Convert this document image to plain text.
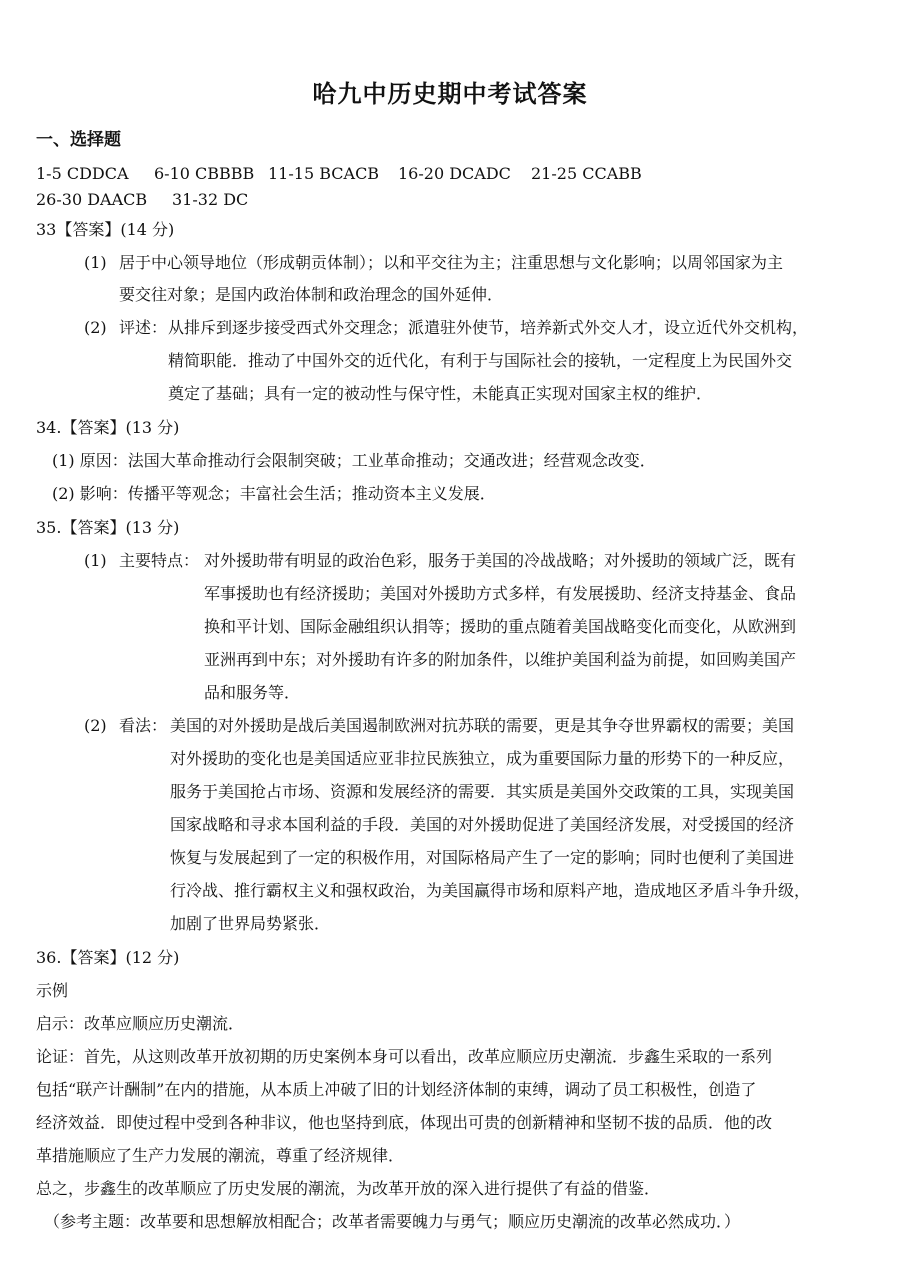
哈九中历史期中考试答案
一、选择题
1-5 CDDCA 6-10 CBBBB 11-15 BCACB 16-20 DCADC 21-25 CCABB
26-30 DAACB 31-32 DC
33【答案】(14 分)
(1) 居于中心领导地位（形成朝贡体制）；以和平交往为主；注重思想与文化影响；以周邻国家为主
要交往对象；是国内政治体制和政治理念的国外延伸．
(2) 评述： 从排斥到逐步接受西式外交理念；派遣驻外使节，培养新式外交人才，设立近代外交机构，
精简职能．推动了中国外交的近代化，有利于与国际社会的接轨，一定程度上为民国外交
奠定了基础；具有一定的被动性与保守性，未能真正实现对国家主权的维护．
34.【答案】(13 分)
(1) 原因：法国大革命推动行会限制突破；工业革命推动；交通改进；经营观念改变．
(2) 影响：传播平等观念；丰富社会生活；推动资本主义发展．
35.【答案】(13 分)
(1) 主要特点： 对外援助带有明显的政治色彩，服务于美国的冷战战略；对外援助的领域广泛，既有
军事援助也有经济援助；美国对外援助方式多样，有发展援助、经济支持基金、食品
换和平计划、国际金融组织认捐等；援助的重点随着美国战略变化而变化，从欧洲到
亚洲再到中东；对外援助有许多的附加条件，以维护美国利益为前提，如回购美国产
品和服务等．
(2) 看法： 美国的对外援助是战后美国遏制欧洲对抗苏联的需要，更是其争夺世界霸权的需要；美国
对外援助的变化也是美国适应亚非拉民族独立，成为重要国际力量的形势下的一种反应，
服务于美国抢占市场、资源和发展经济的需要．其实质是美国外交政策的工具，实现美国
国家战略和寻求本国利益的手段．美国的对外援助促进了美国经济发展，对受援国的经济
恢复与发展起到了一定的积极作用，对国际格局产生了一定的影响；同时也便利了美国进
行冷战、推行霸权主义和强权政治，为美国赢得市场和原料产地，造成地区矛盾斗争升级，
加剧了世界局势紧张．
36.【答案】(12 分)
示例
启示：改革应顺应历史潮流．
论证：首先，从这则改革开放初期的历史案例本身可以看出，改革应顺应历史潮流．步鑫生采取的一系列
包括“联产计酬制”在内的措施，从本质上冲破了旧的计划经济体制的束缚，调动了员工积极性，创造了
经济效益．即使过程中受到各种非议，他也坚持到底，体现出可贵的创新精神和坚韧不拔的品质．他的改
革措施顺应了生产力发展的潮流，尊重了经济规律．
总之，步鑫生的改革顺应了历史发展的潮流，为改革开放的深入进行提供了有益的借鉴．
（参考主题：改革要和思想解放相配合；改革者需要魄力与勇气；顺应历史潮流的改革必然成功．）
